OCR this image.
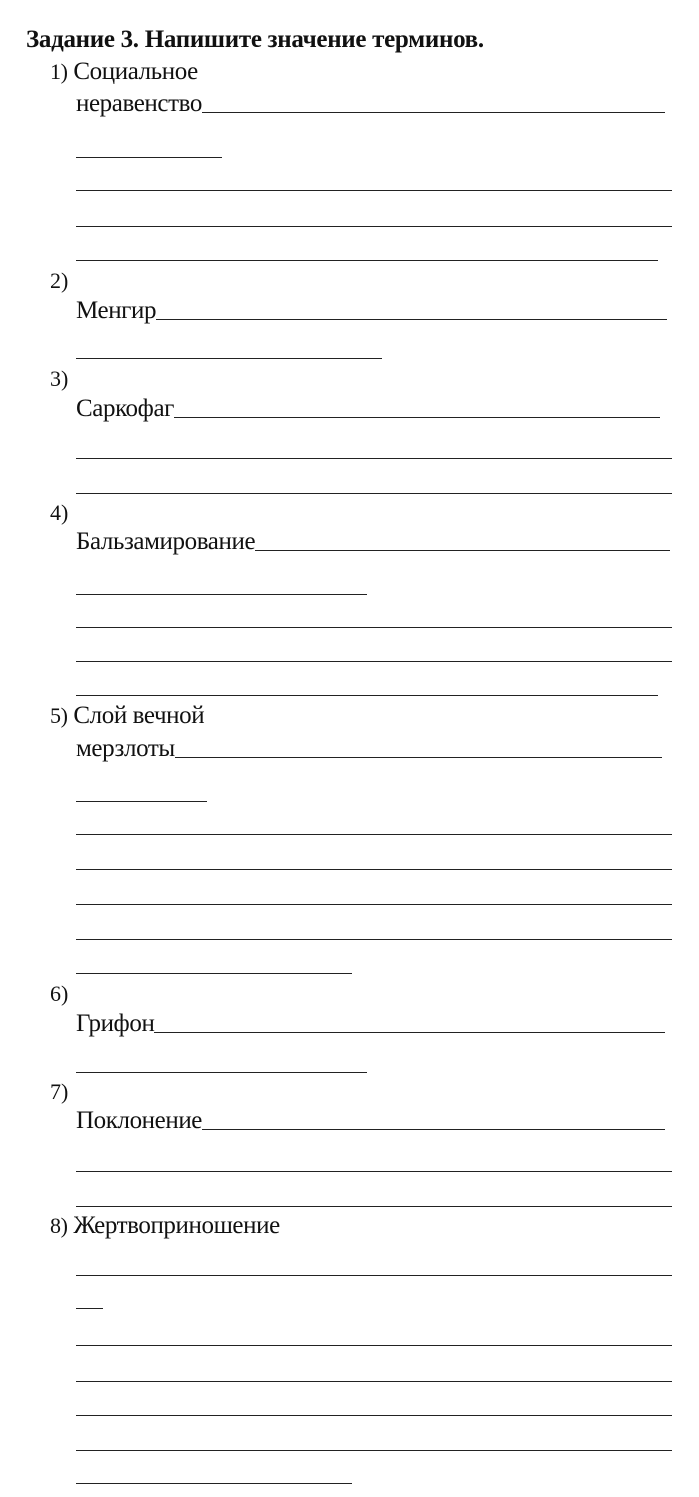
Задание 3. Напишите значение терминов.
1) Социальное
неравенство
2)
Менгир
3)
Саркофаг
4)
Бальзамирование
5) Слой вечной
мерзлоты
6)
Грифон
7)
Поклонение
8) Жертвоприношение
